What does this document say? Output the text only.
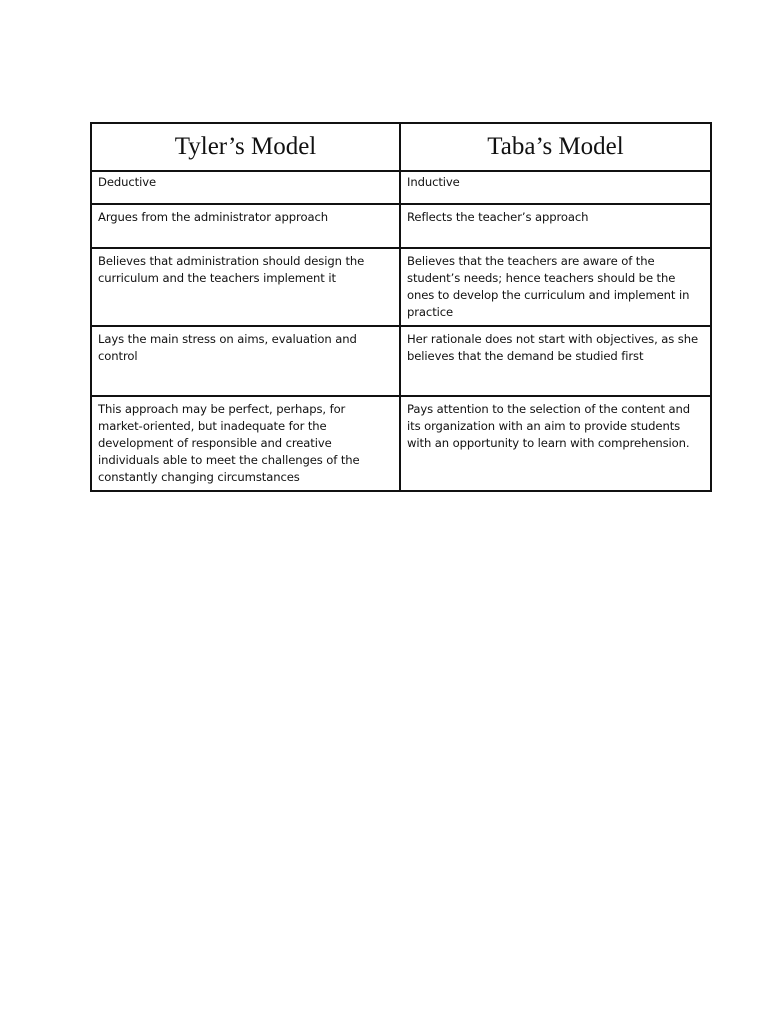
Tyler’s Model	Taba’s Model
Deductive	Inductive
Argues from the administrator approach	Reflects the teacher’s approach
Believes that administration should design the curriculum and the teachers implement it	Believes that the teachers are aware of the student’s needs; hence teachers should be the ones to develop the curriculum and implement in practice
Lays the main stress on aims, evaluation and control	Her rationale does not start with objectives, as she believes that the demand be studied first
This approach may be perfect, perhaps, for market-oriented, but inadequate for the development of responsible and creative individuals able to meet the challenges of the constantly changing circumstances	Pays attention to the selection of the content and its organization with an aim to provide students with an opportunity to learn with comprehension.
